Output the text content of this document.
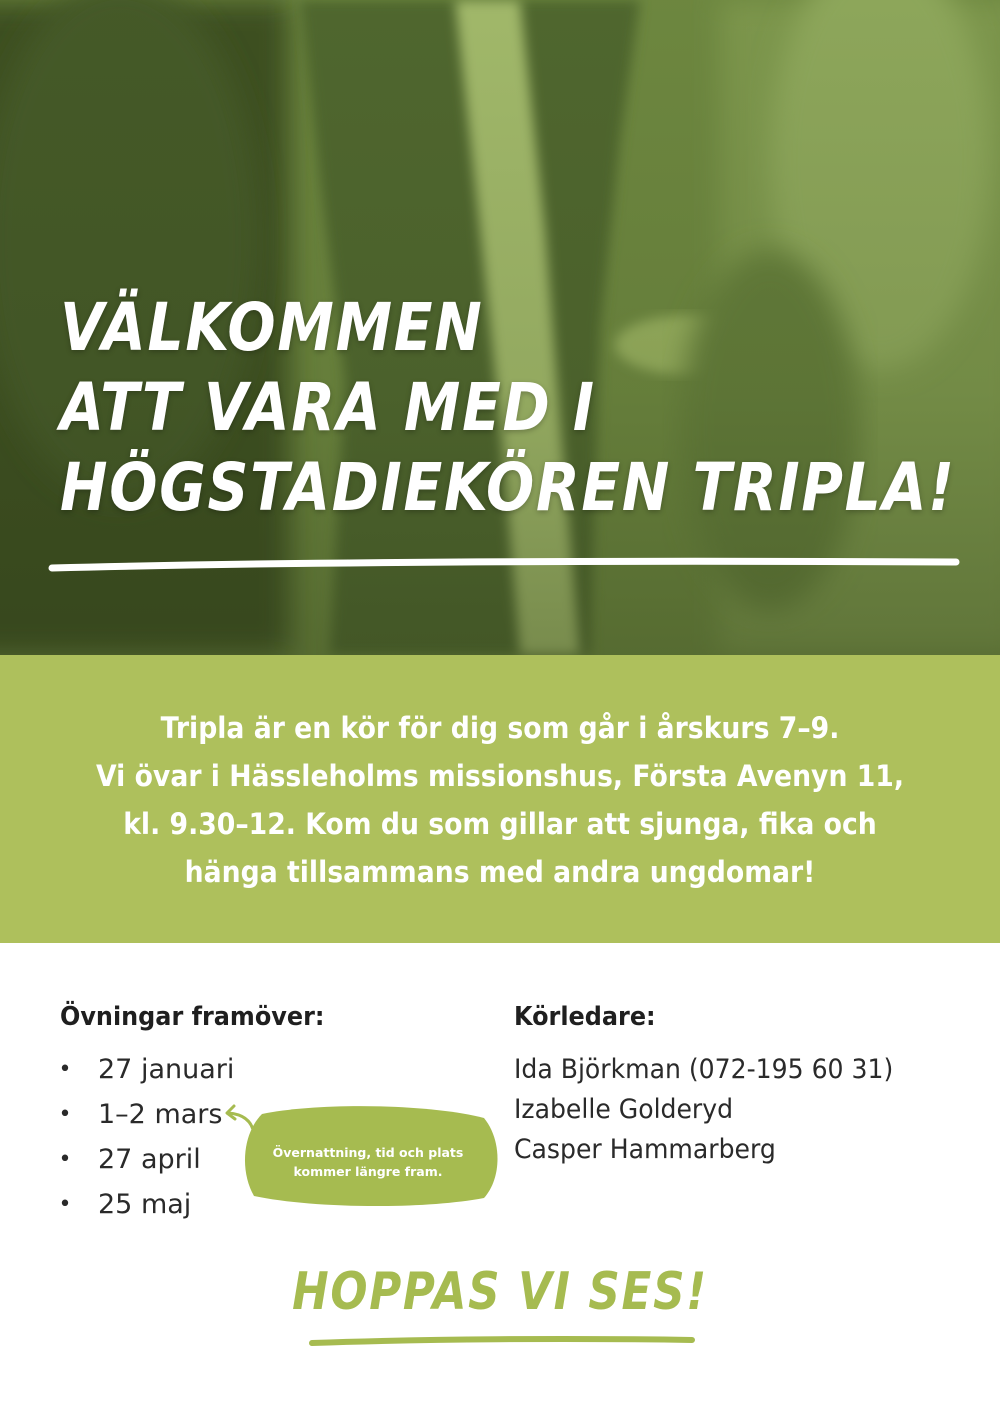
VÄLKOMMEN
ATT VARA MED I
HÖGSTADIEKÖREN TRIPLA!

Tripla är en kör för dig som går i årskurs 7–9.
Vi övar i Hässleholms missionshus, Första Avenyn 11,
kl. 9.30–12. Kom du som gillar att sjunga, fika och
hänga tillsammans med andra ungdomar!

Övningar framöver:
• 27 januari
• 1–2 mars
• 27 april
• 25 maj

Övernattning, tid och plats kommer längre fram.

Körledare:
Ida Björkman (072-195 60 31)
Izabelle Golderyd
Casper Hammarberg
HOPPAS VI SES!
